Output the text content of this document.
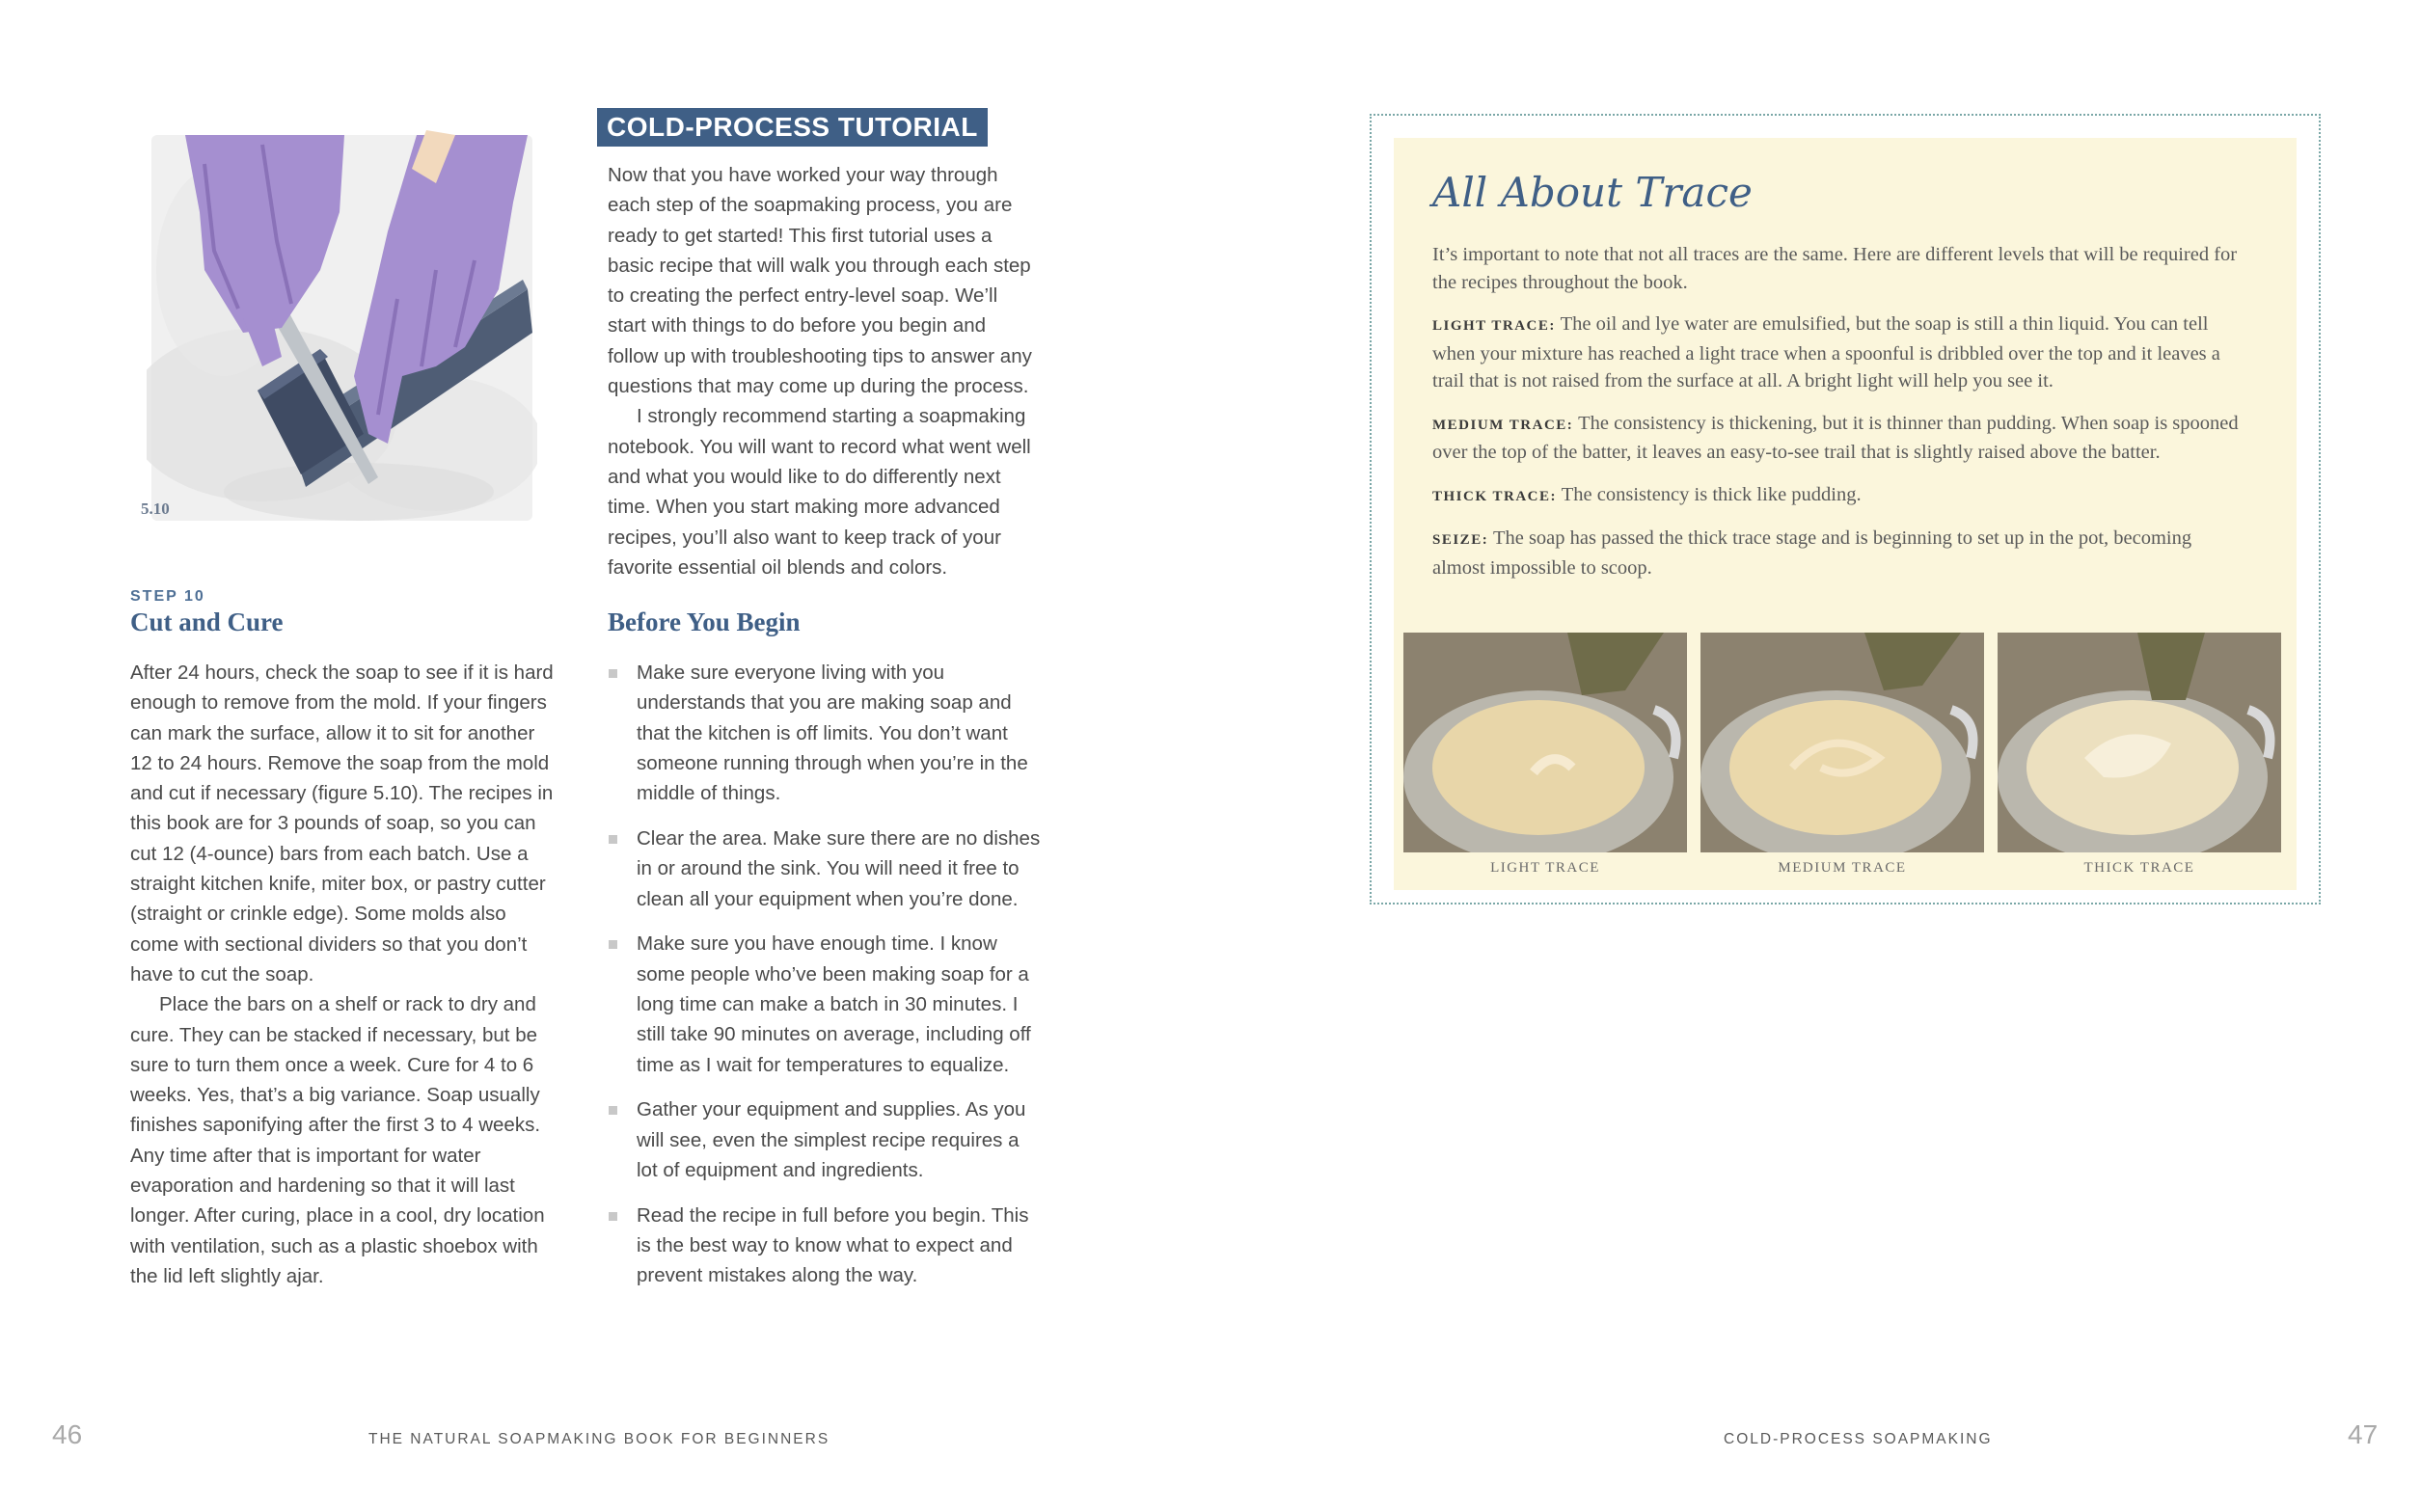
5.10
STEP 10
Cut and Cure

After 24 hours, check the soap to see if it is hard enough to remove from the mold. If your fingers can mark the surface, allow it to sit for another 12 to 24 hours. Remove the soap from the mold and cut if necessary (figure 5.10). The recipes in this book are for 3 pounds of soap, so you can cut 12 (4-ounce) bars from each batch. Use a straight kitchen knife, miter box, or pastry cutter (straight or crinkle edge). Some molds also come with sectional dividers so that you don’t have to cut the soap.

Place the bars on a shelf or rack to dry and cure. They can be stacked if necessary, but be sure to turn them once a week. Cure for 4 to 6 weeks. Yes, that’s a big variance. Soap usually finishes saponifying after the first 3 to 4 weeks. Any time after that is important for water evaporation and hardening so that it will last longer. After curing, place in a cool, dry location with ventilation, such as a plastic shoebox with the lid left slightly ajar.

COLD-PROCESS TUTORIAL

Now that you have worked your way through each step of the soapmaking process, you are ready to get started! This first tutorial uses a basic recipe that will walk you through each step to creating the perfect entry-level soap. We’ll start with things to do before you begin and follow up with troubleshooting tips to answer any questions that may come up during the process.

I strongly recommend starting a soapmaking notebook. You will want to record what went well and what you would like to do differently next time. When you start making more advanced recipes, you’ll also want to keep track of your favorite essential oil blends and colors.

Before You Begin
Make sure everyone living with you understands that you are making soap and that the kitchen is off limits. You don’t want someone running through when you’re in the middle of things.
Clear the area. Make sure there are no dishes in or around the sink. You will need it free to clean all your equipment when you’re done.
Make sure you have enough time. I know some people who’ve been making soap for a long time can make a batch in 30 minutes. I still take 90 minutes on average, including off time as I wait for temperatures to equalize.
Gather your equipment and supplies. As you will see, even the simplest recipe requires a lot of equipment and ingredients.
Read the recipe in full before you begin. This is the best way to know what to expect and prevent mistakes along the way.
All About Trace

It’s important to note that not all traces are the same. Here are different levels that will be required for the recipes throughout the book.

LIGHT TRACE: The oil and lye water are emulsified, but the soap is still a thin liquid. You can tell when your mixture has reached a light trace when a spoonful is dribbled over the top and it leaves a trail that is not raised from the surface at all. A bright light will help you see it.

MEDIUM TRACE: The consistency is thickening, but it is thinner than pudding. When soap is spooned over the top of the batter, it leaves an easy-to-see trail that is slightly raised above the batter.

THICK TRACE: The consistency is thick like pudding.

SEIZE: The soap has passed the thick trace stage and is beginning to set up in the pot, becoming almost impossible to scoop.

LIGHT TRACE	MEDIUM TRACE	THICK TRACE
46	THE NATURAL SOAPMAKING BOOK FOR BEGINNERS	COLD-PROCESS SOAPMAKING	47
